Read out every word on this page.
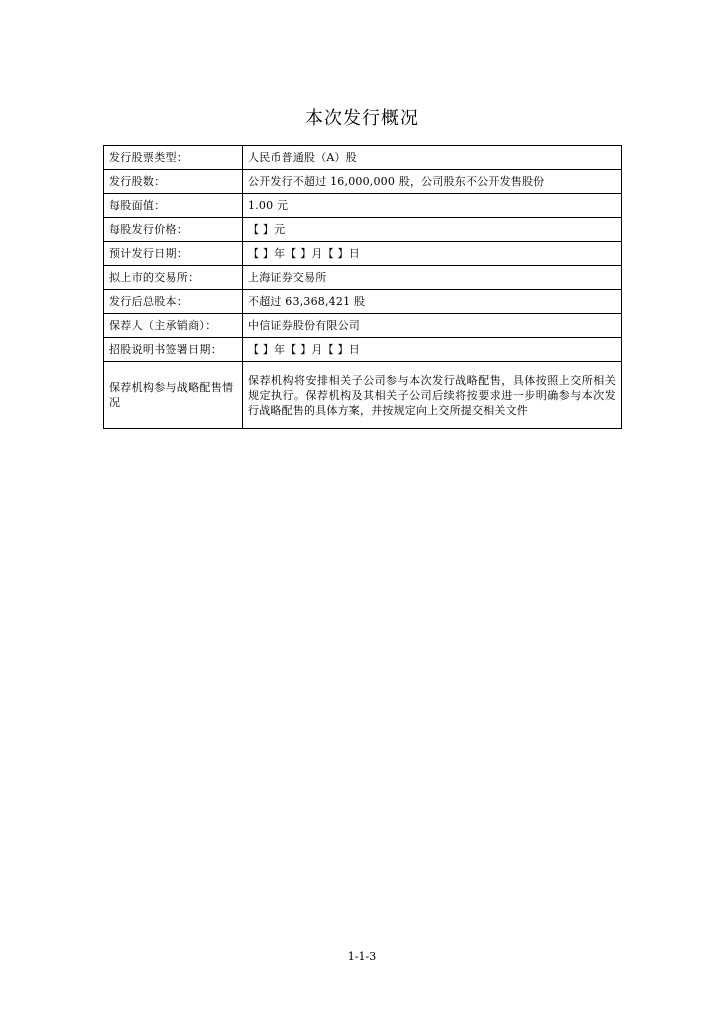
本次发行概况
发行股票类型：	人民币普通股（A）股
发行股数：	公开发行不超过 16,000,000 股，公司股东不公开发售股份
每股面值：	1.00 元
每股发行价格：	【 】元
预计发行日期：	【 】年【 】月【 】日
拟上市的交易所：	上海证券交易所
发行后总股本：	不超过 63,368,421 股
保荐人（主承销商）：	中信证券股份有限公司
招股说明书签署日期：	【 】年【 】月【 】日
保荐机构参与战略配售情况	保荐机构将安排相关子公司参与本次发行战略配售，具体按照上交所相关规定执行。保荐机构及其相关子公司后续将按要求进一步明确参与本次发行战略配售的具体方案，并按规定向上交所提交相关文件
1-1-3
